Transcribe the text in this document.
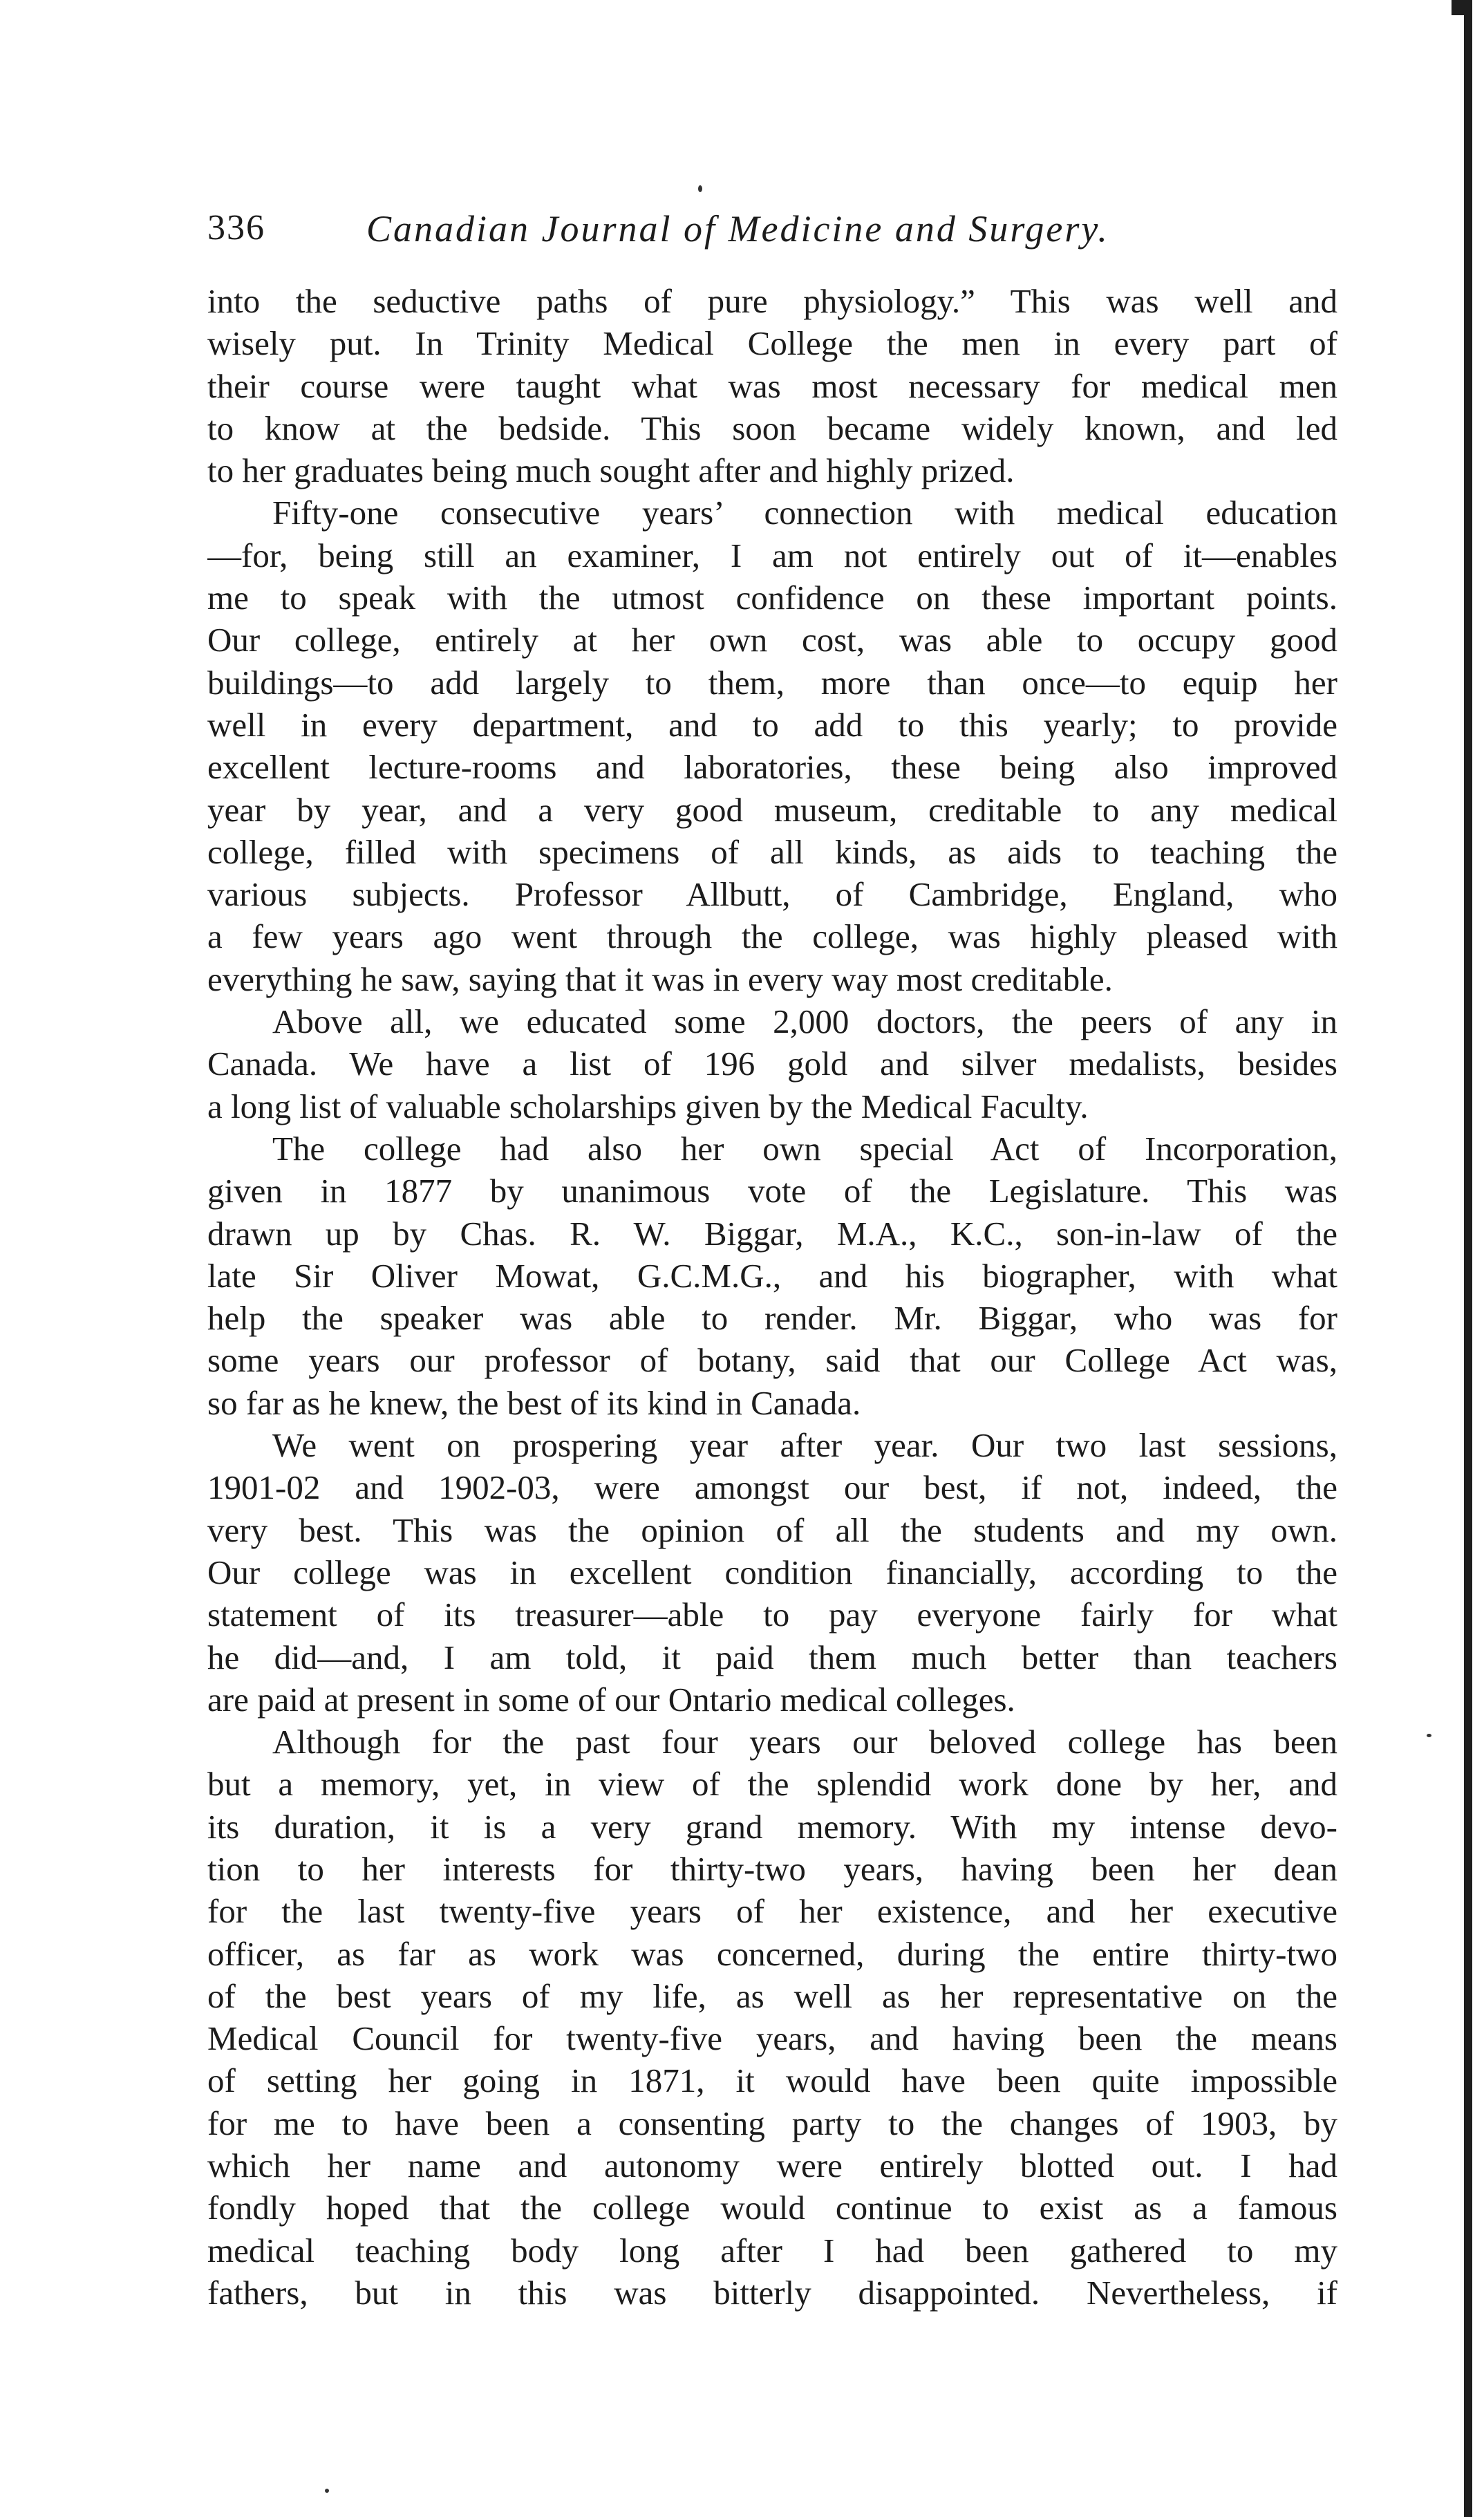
336	Canadian Journal of Medicine and Surgery.
into the seductive paths of pure physiology.” This was well and
wisely put. In Trinity Medical College the men in every part of
their course were taught what was most necessary for medical men
to know at the bedside. This soon became widely known, and led
to her graduates being much sought after and highly prized.
Fifty-one consecutive years’ connection with medical education
—for, being still an examiner, I am not entirely out of it—enables
me to speak with the utmost confidence on these important points.
Our college, entirely at her own cost, was able to occupy good
buildings—to add largely to them, more than once—to equip her
well in every department, and to add to this yearly; to provide
excellent lecture-rooms and laboratories, these being also improved
year by year, and a very good museum, creditable to any medical
college, filled with specimens of all kinds, as aids to teaching the
various subjects. Professor Allbutt, of Cambridge, England, who
a few years ago went through the college, was highly pleased with
everything he saw, saying that it was in every way most creditable.
Above all, we educated some 2,000 doctors, the peers of any in
Canada. We have a list of 196 gold and silver medalists, besides
a long list of valuable scholarships given by the Medical Faculty.
The college had also her own special Act of Incorporation,
given in 1877 by unanimous vote of the Legislature. This was
drawn up by Chas. R. W. Biggar, M.A., K.C., son-in-law of the
late Sir Oliver Mowat, G.C.M.G., and his biographer, with what
help the speaker was able to render. Mr. Biggar, who was for
some years our professor of botany, said that our College Act was,
so far as he knew, the best of its kind in Canada.
We went on prospering year after year. Our two last sessions,
1901-02 and 1902-03, were amongst our best, if not, indeed, the
very best. This was the opinion of all the students and my own.
Our college was in excellent condition financially, according to the
statement of its treasurer—able to pay everyone fairly for what
he did—and, I am told, it paid them much better than teachers
are paid at present in some of our Ontario medical colleges.
Although for the past four years our beloved college has been
but a memory, yet, in view of the splendid work done by her, and
its duration, it is a very grand memory. With my intense devo-
tion to her interests for thirty-two years, having been her dean
for the last twenty-five years of her existence, and her executive
officer, as far as work was concerned, during the entire thirty-two
of the best years of my life, as well as her representative on the
Medical Council for twenty-five years, and having been the means
of setting her going in 1871, it would have been quite impossible
for me to have been a consenting party to the changes of 1903, by
which her name and autonomy were entirely blotted out. I had
fondly hoped that the college would continue to exist as a famous
medical teaching body long after I had been gathered to my
fathers, but in this was bitterly disappointed. Nevertheless, if
